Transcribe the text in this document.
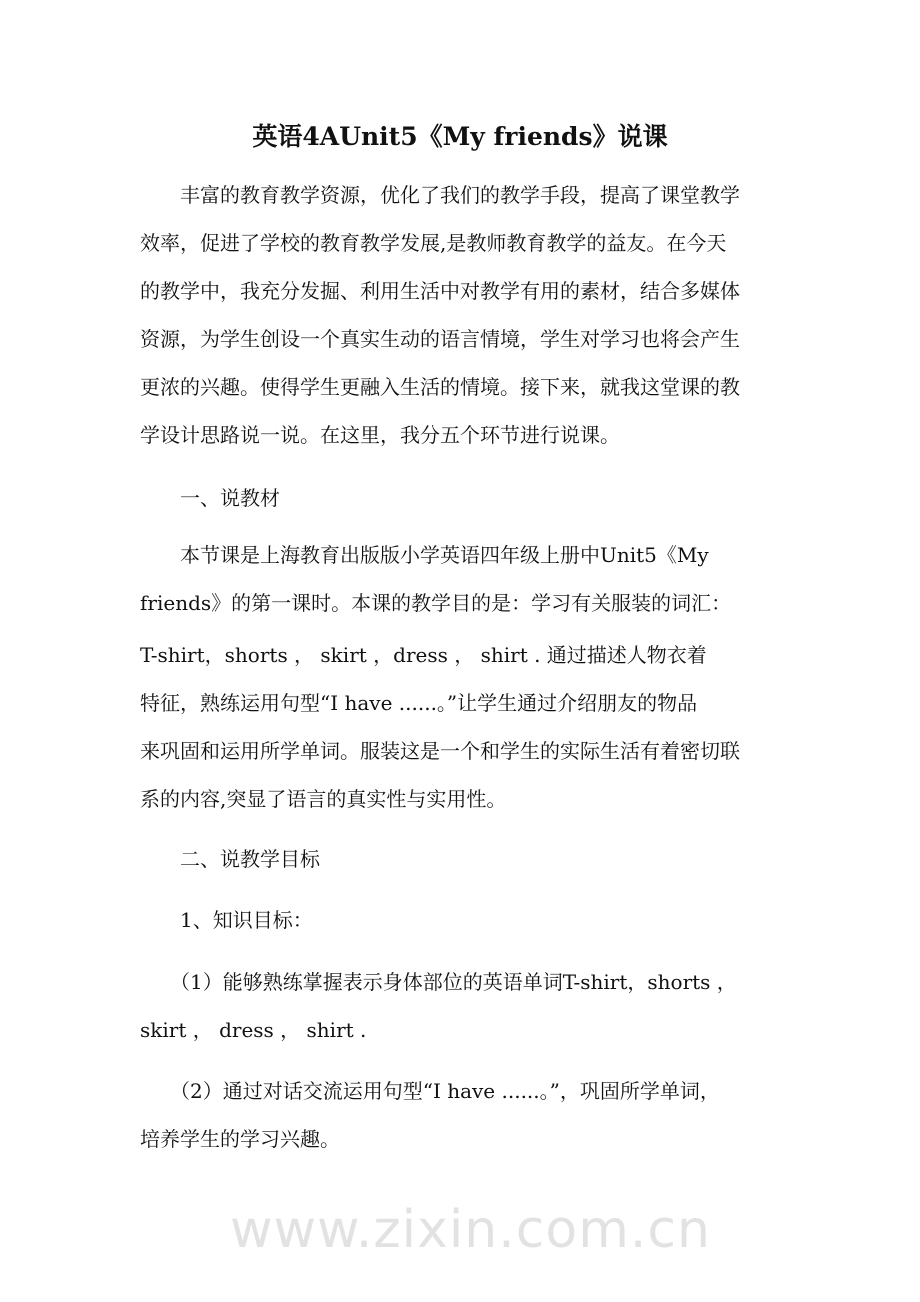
www.zixin.com.cn
英语4AUnit5《My friends》说课
　　丰富的教育教学资源，优化了我们的教学手段，提高了课堂教学
效率，促进了学校的教育教学发展,是教师教育教学的益友。在今天
的教学中，我充分发掘、利用生活中对教学有用的素材，结合多媒体
资源，为学生创设一个真实生动的语言情境，学生对学习也将会产生
更浓的兴趣。使得学生更融入生活的情境。接下来，就我这堂课的教
学设计思路说一说。在这里，我分五个环节进行说课。
　　一、说教材
　　本节课是上海教育出版版小学英语四年级上册中Unit5《My
friends》的第一课时。本课的教学目的是：学习有关服装的词汇：
T-shirt，shorts ， skirt ，dress ， shirt . 通过描述人物衣着
特征，熟练运用句型“I have ......。”让学生通过介绍朋友的物品
来巩固和运用所学单词。服装这是一个和学生的实际生活有着密切联
系的内容,突显了语言的真实性与实用性。
　　二、说教学目标
　　1、知识目标：
　　（1）能够熟练掌握表示身体部位的英语单词T-shirt，shorts ，
skirt ， dress ， shirt .
　　（2）通过对话交流运用句型“I have ......。”，巩固所学单词，
培养学生的学习兴趣。
